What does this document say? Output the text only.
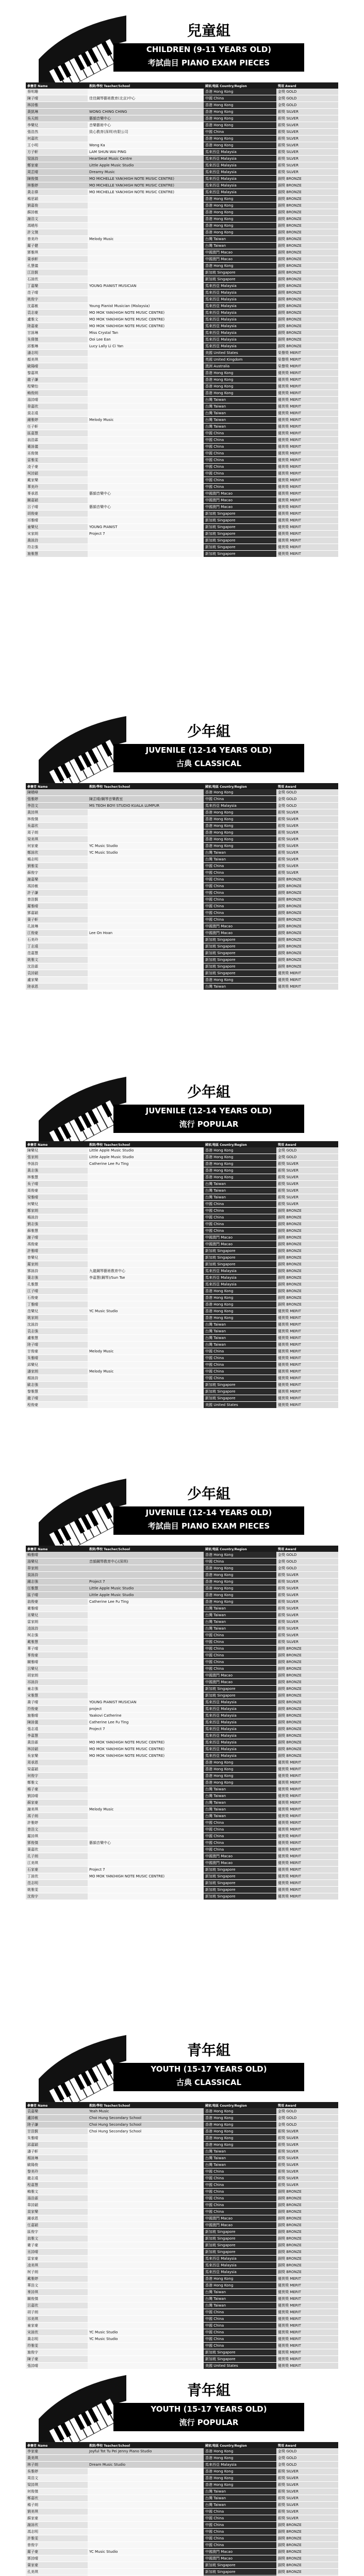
兒童組
CHILDREN (9-11 YEARS OLD)
考試曲目 PIANO EXAM PIECES
參賽者 Name	教師/學校 Teacher/School	國家/地區 Country/Region	獎項 Award
蔡明珊		香港 Hong Kong	金獎 GOLD
陳子晴	佳佳鋼琴藝術教育(北京)中心	中國 China	金獎 GOLD
林詩雅		香港 Hong Kong	金獎 GOLD
黃凱琳	WONG CHING CHING	香港 Hong Kong	銀獎 SILVER
吳天朗	藝韻音樂中心	香港 Hong Kong	銀獎 SILVER
李樂兒	音樂藝術中心	香港 Hong Kong	銀獎 SILVER
張浩然	致心教育(深圳)有限公司	中國 China	銀獎 SILVER
何嘉欣		香港 Hong Kong	銀獎 SILVER
王小明	Wong Ka	香港 Hong Kong	銀獎 SILVER
方子軒	LAM SHUN WAI PING	馬來西亞 Malaysia	銀獎 SILVER
梁詠詩	Heartbeat Music Centre	馬來西亞 Malaysia	銀獎 SILVER
鄭家豪	Little Apple Music Studio	馬來西亞 Malaysia	銀獎 SILVER
周芷晴	Dreamy Music	馬來西亞 Malaysia	銀獎 SILVER
陳俊傑	MO MICHELLE YAN(HIGH NOTE MUSIC CENTRE)	馬來西亞 Malaysia	銅獎 BRONZE
林雅婷	MO MICHELLE YAN(HIGH NOTE MUSIC CENTRE)	馬來西亞 Malaysia	銅獎 BRONZE
黃志偉	MO MICHELLE YAN(HIGH NOTE MUSIC CENTRE)	馬來西亞 Malaysia	銅獎 BRONZE
楊思穎		香港 Hong Kong	銅獎 BRONZE
劉嘉俊		香港 Hong Kong	銅獎 BRONZE
蘇詩敏		香港 Hong Kong	銅獎 BRONZE
謝浩文		香港 Hong Kong	銅獎 BRONZE
馮曉彤		香港 Hong Kong	銅獎 BRONZE
許文傑		香港 Hong Kong	銅獎 BRONZE
曾美玲	Melody Music	台灣 Taiwan	銅獎 BRONZE
羅子健		台灣 Taiwan	銅獎 BRONZE
鄧雅琪		中國澳門 Macao	銅獎 BRONZE
葉承軒		中國澳門 Macao	銅獎 BRONZE
孔慧儀		香港 Hong Kong	銅獎 BRONZE
江浩賢		新加坡 Singapore	銅獎 BRONZE
石詠欣		新加坡 Singapore	銅獎 BRONZE
丁嘉樂	YOUNG PIANIST MUSICIAN	馬來西亞 Malaysia	銅獎 BRONZE
范子晴		馬來西亞 Malaysia	銅獎 BRONZE
姚俊宇		馬來西亞 Malaysia	銅獎 BRONZE
沈嘉敏	Young Pianist Musician (Malaysia)	馬來西亞 Malaysia	銅獎 BRONZE
袁志豪	MO MOK YAN(HIGH NOTE MUSIC CENTRE)	馬來西亞 Malaysia	銅獎 BRONZE
盧雅文	MO MOK YAN(HIGH NOTE MUSIC CENTRE)	馬來西亞 Malaysia	銅獎 BRONZE
陸嘉豪	MO MOK YAN(HIGH NOTE MUSIC CENTRE)	馬來西亞 Malaysia	銅獎 BRONZE
甘詠琳	Miss Crystal Tan	馬來西亞 Malaysia	銅獎 BRONZE
朱偉傑	Ooi Lee Ean	馬來西亞 Malaysia	銅獎 BRONZE
邱雅琳	Lucy Lally Li Ci Yan	馬來西亞 Malaysia	銅獎 BRONZE
潘志明		美國 United States	榮譽獎 MERIT
顏美琪		英國 United Kingdom	榮譽獎 MERIT
歐陽晴		澳洲 Australia	榮譽獎 MERIT
黎嘉琪		香港 Hong Kong	優異獎 MERIT
龍子謙		香港 Hong Kong	優異獎 MERIT
程樂怡		香港 Hong Kong	優異獎 MERIT
賴俊朗		香港 Hong Kong	優異獎 MERIT
湯詩晴		台灣 Taiwan	優異獎 MERIT
韋嘉欣		台灣 Taiwan	優異獎 MERIT
莫志遠		台灣 Taiwan	優異獎 MERIT
鍾雅婷	Melody Music	台灣 Taiwan	優異獎 MERIT
任子軒		台灣 Taiwan	優異獎 MERIT
區嘉慧		中國 China	優異獎 MERIT
翁浩霖		中國 China	優異獎 MERIT
衛詠儀		中國 China	優異獎 MERIT
巫俊傑		中國 China	優異獎 MERIT
雷雅雯		中國 China	優異獎 MERIT
凌子豪		中國 China	優異獎 MERIT
柯詩穎		中國 China	優異獎 MERIT
戴家樂		中國 China	優異獎 MERIT
華美玲		中國 China	優異獎 MERIT
麥承恩	藝韻音樂中心	中國澳門 Macao	優異獎 MERIT
關嘉穎		中國澳門 Macao	優異獎 MERIT
呂子晴	藝韻音樂中心	中國澳門 Macao	優異獎 MERIT
胡俊豪		新加坡 Singapore	優異獎 MERIT
祁雅晴		新加坡 Singapore	優異獎 MERIT
童樂兒	YOUNG PIANIST	新加坡 Singapore	優異獎 MERIT
宋家朗	Project 7	新加坡 Singapore	優異獎 MERIT
喬詠詩		新加坡 Singapore	優異獎 MERIT
符志強		新加坡 Singapore	優異獎 MERIT
施雅慧		新加坡 Singapore	優異獎 MERIT
少年組
JUVENILE (12-14 YEARS OLD)
古典 CLASSICAL
參賽者 Name	教師/學校 Teacher/School	國家/地區 Country/Region	獎項 Award
陳曉峰		香港 Hong Kong	金獎 GOLD
張雅婷	陳芷晴/鋼琴音樂教室	中國 China	金獎 GOLD
李浩文	MS TEOH BOYI STUDIO KUALA LUMPUR	馬來西亞 Malaysia	金獎 GOLD
黃詩琪		香港 Hong Kong	銀獎 SILVER
林俊傑		香港 Hong Kong	銀獎 SILVER
吳嘉欣		香港 Hong Kong	銀獎 SILVER
周子朗		香港 Hong Kong	銀獎 SILVER
梁美琪		香港 Hong Kong	銀獎 SILVER
何家豪	YC Music Studio	香港 Hong Kong	銀獎 SILVER
鄭詠欣	YC Music Studio	台灣 Taiwan	銀獎 SILVER
楊志明		台灣 Taiwan	銀獎 SILVER
劉雅雯		中國 China	銀獎 SILVER
蘇俊宇		中國 China	銀獎 SILVER
謝嘉樂		中國 China	銅獎 BRONZE
馮詩敏		中國 China	銅獎 BRONZE
許子謙		中國 China	銅獎 BRONZE
曾浩賢		中國 China	銅獎 BRONZE
羅雅晴		中國 China	銅獎 BRONZE
鄧嘉穎		中國 China	銅獎 BRONZE
葉子軒		中國 China	銅獎 BRONZE
孔詠琳		中國澳門 Macao	銅獎 BRONZE
江俊豪	Lee On Hoan	中國澳門 Macao	銅獎 BRONZE
石美玲		新加坡 Singapore	銅獎 BRONZE
丁志遠		新加坡 Singapore	銅獎 BRONZE
范嘉慧		新加坡 Singapore	銅獎 BRONZE
姚雅文		新加坡 Singapore	銅獎 BRONZE
沈浩霖		新加坡 Singapore	銅獎 BRONZE
袁詩穎		新加坡 Singapore	優異獎 MERIT
盧家樂		香港 Hong Kong	優異獎 MERIT
陸承恩		台灣 Taiwan	優異獎 MERIT
少年組
JUVENILE (12-14 YEARS OLD)
流行 POPULAR
參賽者 Name	教師/學校 Teacher/School	國家/地區 Country/Region	獎項 Award
陳樂兒	Little Apple Music Studio	香港 Hong Kong	金獎 GOLD
張家朗	Little Apple Music Studio	香港 Hong Kong	金獎 GOLD
李詠詩	Catherine Lee Fu Ting	香港 Hong Kong	銀獎 SILVER
黃志強		香港 Hong Kong	銀獎 SILVER
林雅慧		香港 Hong Kong	銀獎 SILVER
吳子晴		台灣 Taiwan	銀獎 SILVER
周俊豪		台灣 Taiwan	銀獎 SILVER
梁雅晴		台灣 Taiwan	銀獎 SILVER
何樂兒		中國 China	銀獎 SILVER
鄭家朗		中國 China	銅獎 BRONZE
楊詠詩		中國 China	銅獎 BRONZE
劉志強		中國 China	銅獎 BRONZE
蘇雅慧		中國 China	銅獎 BRONZE
謝子晴		中國澳門 Macao	銅獎 BRONZE
馮俊豪		中國澳門 Macao	銅獎 BRONZE
許雅晴		新加坡 Singapore	銅獎 BRONZE
曾樂兒		新加坡 Singapore	銅獎 BRONZE
羅家朗		新加坡 Singapore	銅獎 BRONZE
鄧詠詩	九龍鋼琴藝術教育中心	馬來西亞 Malaysia	銅獎 BRONZE
葉志強	李嘉慧(鋼琴)/Sun Tse	馬來西亞 Malaysia	銅獎 BRONZE
孔雅慧		馬來西亞 Malaysia	銅獎 BRONZE
江子晴		香港 Hong Kong	銅獎 BRONZE
石俊豪		香港 Hong Kong	銅獎 BRONZE
丁雅晴		香港 Hong Kong	銅獎 BRONZE
范樂兒	YC Music Studio	香港 Hong Kong	優異獎 MERIT
姚家朗		香港 Hong Kong	優異獎 MERIT
沈詠詩		台灣 Taiwan	優異獎 MERIT
袁志強		台灣 Taiwan	優異獎 MERIT
盧雅慧		台灣 Taiwan	優異獎 MERIT
陸子晴		台灣 Taiwan	優異獎 MERIT
甘俊豪	Melody Music	中國 China	優異獎 MERIT
朱雅晴		中國 China	優異獎 MERIT
邱樂兒		中國 China	優異獎 MERIT
潘家朗	Melody Music	中國 China	優異獎 MERIT
顏詠詩		中國 China	優異獎 MERIT
歐志強		新加坡 Singapore	優異獎 MERIT
黎雅慧		新加坡 Singapore	優異獎 MERIT
龍子晴		新加坡 Singapore	優異獎 MERIT
程俊豪		美國 United States	優異獎 MERIT
少年組
JUVENILE (12-14 YEARS OLD)
考試曲目 PIANO EXAM PIECES
參賽者 Name	教師/學校 Teacher/School	國家/地區 Country/Region	獎項 Award
賴雅晴		香港 Hong Kong	金獎 GOLD
湯樂兒	音韻鋼琴教育中心(深圳)	中國 China	金獎 GOLD
韋家朗		香港 Hong Kong	金獎 GOLD
莫詠詩		香港 Hong Kong	銀獎 SILVER
鍾志強	Project 7	香港 Hong Kong	銀獎 SILVER
任雅慧	Little Apple Music Studio	香港 Hong Kong	銀獎 SILVER
區子晴	Little Apple Music Studio	香港 Hong Kong	銀獎 SILVER
翁俊豪	Catherine Lee Fu Ting	香港 Hong Kong	銀獎 SILVER
衛雅晴		台灣 Taiwan	銀獎 SILVER
巫樂兒		台灣 Taiwan	銀獎 SILVER
雷家朗		台灣 Taiwan	銀獎 SILVER
凌詠詩		台灣 Taiwan	銀獎 SILVER
柯志強		中國 China	銀獎 SILVER
戴雅慧		中國 China	銀獎 SILVER
華子晴		中國 China	銅獎 BRONZE
麥俊豪		中國 China	銅獎 BRONZE
關雅晴		中國 China	銅獎 BRONZE
呂樂兒		中國 China	銅獎 BRONZE
胡家朗		中國澳門 Macao	銅獎 BRONZE
祁詠詩		中國澳門 Macao	銅獎 BRONZE
童志強		新加坡 Singapore	銅獎 BRONZE
宋雅慧		新加坡 Singapore	銅獎 BRONZE
喬子晴	YOUNG PIANIST MUSICIAN	馬來西亞 Malaysia	銅獎 BRONZE
符俊豪	project	馬來西亞 Malaysia	銅獎 BRONZE
施雅晴	Yaakovi Catherine	馬來西亞 Malaysia	銅獎 BRONZE
陳詠儀	Catherine Lee Fu Ting	馬來西亞 Malaysia	銅獎 BRONZE
張志遠	Project 7	馬來西亞 Malaysia	銅獎 BRONZE
李嘉慧		馬來西亞 Malaysia	銅獎 BRONZE
黃浩霖	MO MOK YAN(HIGH NOTE MUSIC CENTRE)	馬來西亞 Malaysia	銅獎 BRONZE
林詩穎	MO MOK YAN(HIGH NOTE MUSIC CENTRE)	馬來西亞 Malaysia	銅獎 BRONZE
吳家樂	MO MOK YAN(HIGH NOTE MUSIC CENTRE)	馬來西亞 Malaysia	銅獎 BRONZE
周承恩		香港 Hong Kong	優異獎 MERIT
梁嘉穎		香港 Hong Kong	優異獎 MERIT
何俊宇		香港 Hong Kong	優異獎 MERIT
鄭雅文		香港 Hong Kong	優異獎 MERIT
楊子豪		台灣 Taiwan	優異獎 MERIT
劉詩晴		台灣 Taiwan	優異獎 MERIT
蘇家豪		台灣 Taiwan	優異獎 MERIT
謝美琪	Melody Music	台灣 Taiwan	優異獎 MERIT
馮子朗		台灣 Taiwan	優異獎 MERIT
許雅婷		中國 China	優異獎 MERIT
曾浩文		中國 China	優異獎 MERIT
羅詩琪		中國 China	優異獎 MERIT
鄧俊傑	藝韻音樂中心	中國 China	優異獎 MERIT
葉嘉欣		中國 China	優異獎 MERIT
孔子朗		中國澳門 Macao	優異獎 MERIT
江美琪		中國澳門 Macao	優異獎 MERIT
石家豪	Project 7	新加坡 Singapore	優異獎 MERIT
丁詠欣	MO MOK YAN(HIGH NOTE MUSIC CENTRE)	新加坡 Singapore	優異獎 MERIT
范志明		新加坡 Singapore	優異獎 MERIT
姚雅雯		新加坡 Singapore	優異獎 MERIT
沈俊宇		新加坡 Singapore	優異獎 MERIT
青年組
YOUTH (15-17 YEARS OLD)
古典 CLASSICAL
參賽者 Name	教師/學校 Teacher/School	國家/地區 Country/Region	獎項 Award
袁嘉樂	Yeah Music	香港 Hong Kong	金獎 GOLD
盧詩敏	Choi Hung Secondary School	香港 Hong Kong	金獎 GOLD
陸子謙	Choi Hung Secondary School	香港 Hong Kong	金獎 GOLD
甘浩賢	Choi Hung Secondary School	香港 Hong Kong	銀獎 SILVER
朱雅晴		香港 Hong Kong	銀獎 SILVER
邱嘉穎		香港 Hong Kong	銀獎 SILVER
潘子軒		台灣 Taiwan	銀獎 SILVER
顏詠琳		台灣 Taiwan	銀獎 SILVER
歐陽俊		台灣 Taiwan	銀獎 SILVER
黎美玲		中國 China	銀獎 SILVER
龍志遠		中國 China	銀獎 SILVER
程嘉慧		中國 China	銀獎 SILVER
賴雅文		中國 China	銅獎 BRONZE
湯浩霖		中國 China	銅獎 BRONZE
韋詩穎		中國 China	銅獎 BRONZE
莫家樂		中國 China	銅獎 BRONZE
鍾承恩		中國澳門 Macao	銅獎 BRONZE
任嘉穎		中國澳門 Macao	銅獎 BRONZE
區俊宇		新加坡 Singapore	銅獎 BRONZE
翁雅文		新加坡 Singapore	銅獎 BRONZE
衛子豪		新加坡 Singapore	銅獎 BRONZE
巫詩晴		新加坡 Singapore	銅獎 BRONZE
雷家豪		馬來西亞 Malaysia	銅獎 BRONZE
凌美琪		馬來西亞 Malaysia	銅獎 BRONZE
柯子朗		馬來西亞 Malaysia	銅獎 BRONZE
戴雅婷		香港 Hong Kong	優異獎 MERIT
華浩文		香港 Hong Kong	優異獎 MERIT
麥詩琪		台灣 Taiwan	優異獎 MERIT
關俊傑		台灣 Taiwan	優異獎 MERIT
呂嘉欣		台灣 Taiwan	優異獎 MERIT
胡子朗		中國 China	優異獎 MERIT
祁美琪		中國 China	優異獎 MERIT
童家豪		中國 China	優異獎 MERIT
宋詠欣	YC Music Studio	中國 China	優異獎 MERIT
喬志明	YC Music Studio	中國 China	優異獎 MERIT
符雅雯		中國 China	優異獎 MERIT
施俊宇		新加坡 Singapore	優異獎 MERIT
陳子豪		新加坡 Singapore	優異獎 MERIT
張詩晴		美國 United States	優異獎 MERIT
青年組
YOUTH (15-17 YEARS OLD)
流行 POPULAR
參賽者 Name	教師/學校 Teacher/School	國家/地區 Country/Region	獎項 Award
李家豪	Joyful Tot Tu Pei Jenny Piano Studio	香港 Hong Kong	金獎 GOLD
黃美琪		香港 Hong Kong	金獎 GOLD
林子朗	Dream Music Studio	馬來西亞 Malaysia	金獎 GOLD
吳雅婷		香港 Hong Kong	銀獎 SILVER
周浩文		香港 Hong Kong	銀獎 SILVER
梁詩琪		香港 Hong Kong	銀獎 SILVER
何俊傑		台灣 Taiwan	銀獎 SILVER
鄭嘉欣		台灣 Taiwan	銀獎 SILVER
楊子朗		台灣 Taiwan	銀獎 SILVER
劉美琪		中國 China	銀獎 SILVER
蘇家豪		中國 China	銀獎 SILVER
謝詠欣		中國 China	銅獎 BRONZE
馮志明		中國 China	銅獎 BRONZE
許雅雯		中國 China	銅獎 BRONZE
曾俊宇		中國 China	銅獎 BRONZE
羅子豪	YC Music Studio	中國澳門 Macao	銅獎 BRONZE
鄧詩晴		中國澳門 Macao	銅獎 BRONZE
葉家豪		新加坡 Singapore	銅獎 BRONZE
孔美琪		新加坡 Singapore	銅獎 BRONZE
